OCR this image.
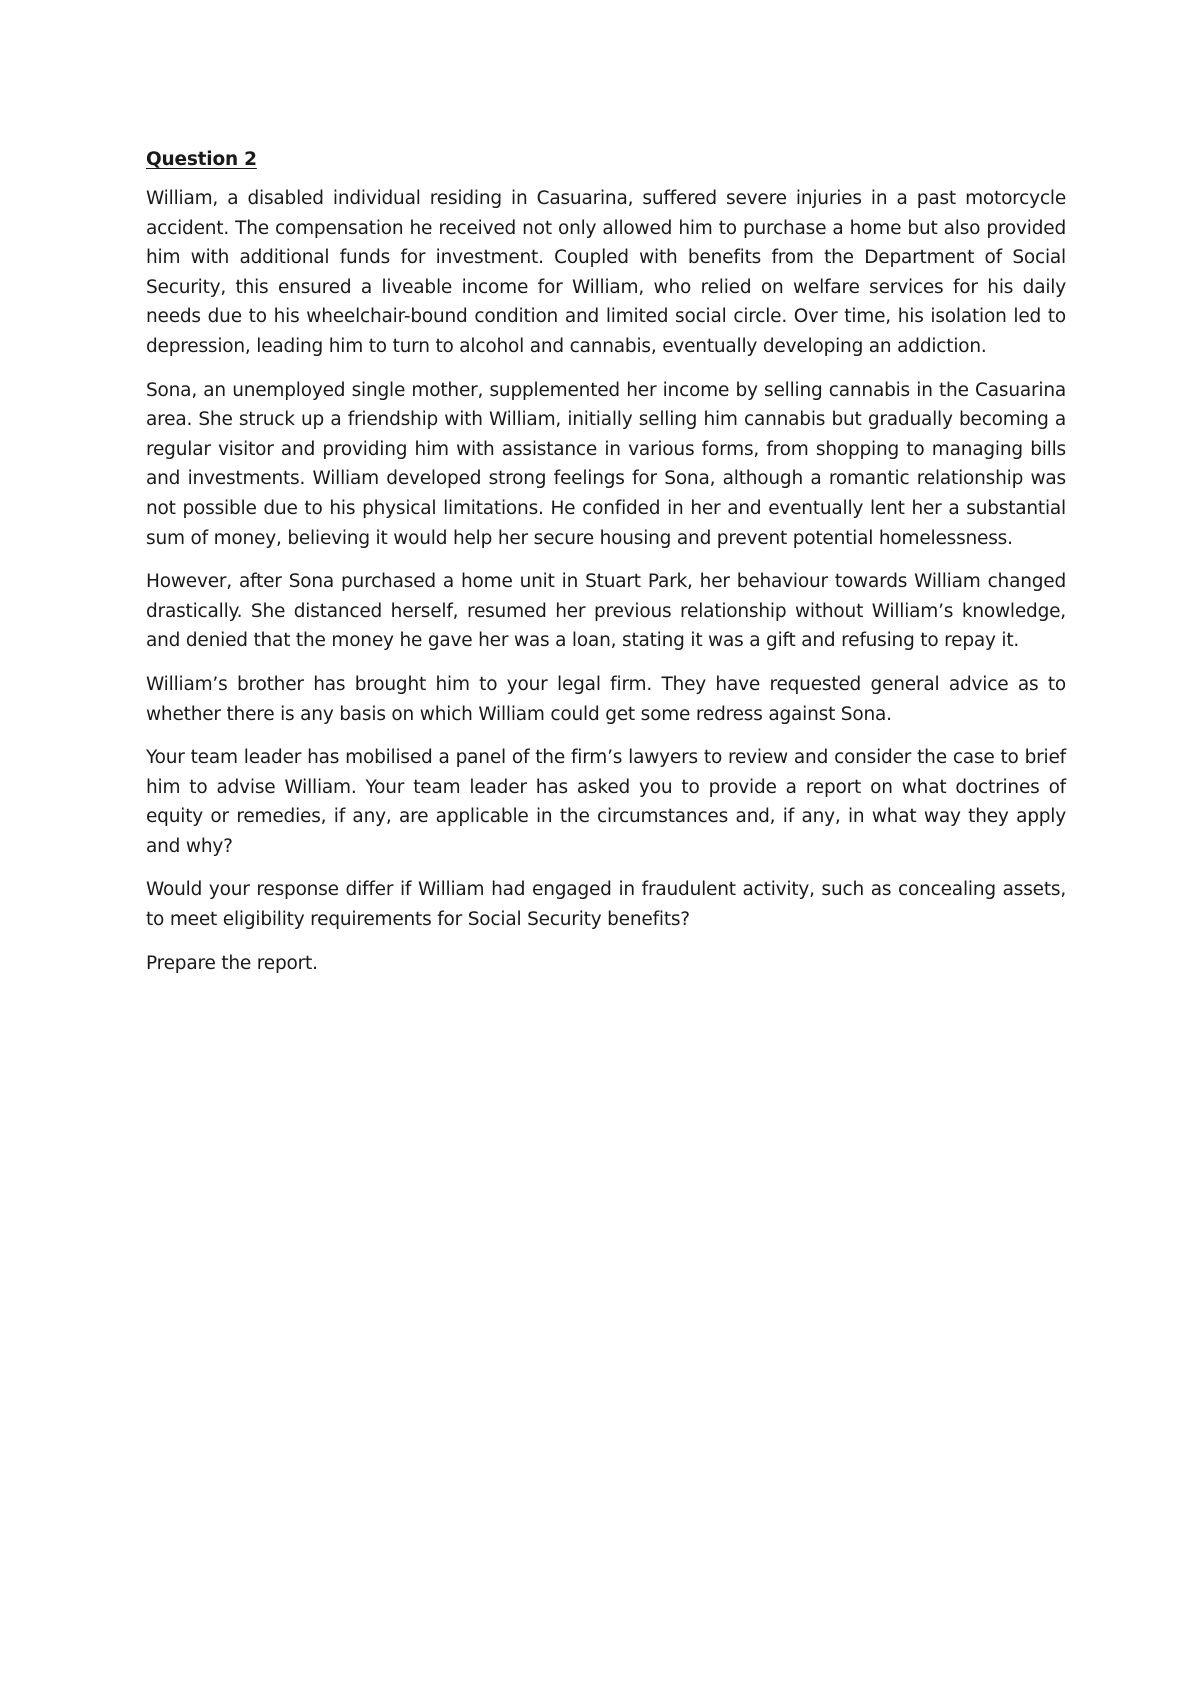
Question 2

William, a disabled individual residing in Casuarina, suffered severe injuries in a past motorcycle accident. The compensation he received not only allowed him to purchase a home but also provided him with additional funds for investment. Coupled with benefits from the Department of Social Security, this ensured a liveable income for William, who relied on welfare services for his daily needs due to his wheelchair-bound condition and limited social circle. Over time, his isolation led to depression, leading him to turn to alcohol and cannabis, eventually developing an addiction.

Sona, an unemployed single mother, supplemented her income by selling cannabis in the Casuarina area. She struck up a friendship with William, initially selling him cannabis but gradually becoming a regular visitor and providing him with assistance in various forms, from shopping to managing bills and investments. William developed strong feelings for Sona, although a romantic relationship was not possible due to his physical limitations. He confided in her and eventually lent her a substantial sum of money, believing it would help her secure housing and prevent potential homelessness.

However, after Sona purchased a home unit in Stuart Park, her behaviour towards William changed drastically. She distanced herself, resumed her previous relationship without William’s knowledge, and denied that the money he gave her was a loan, stating it was a gift and refusing to repay it.

William’s brother has brought him to your legal firm. They have requested general advice as to whether there is any basis on which William could get some redress against Sona.

Your team leader has mobilised a panel of the firm’s lawyers to review and consider the case to brief him to advise William. Your team leader has asked you to provide a report on what doctrines of equity or remedies, if any, are applicable in the circumstances and, if any, in what way they apply and why?

Would your response differ if William had engaged in fraudulent activity, such as concealing assets, to meet eligibility requirements for Social Security benefits?

Prepare the report.
